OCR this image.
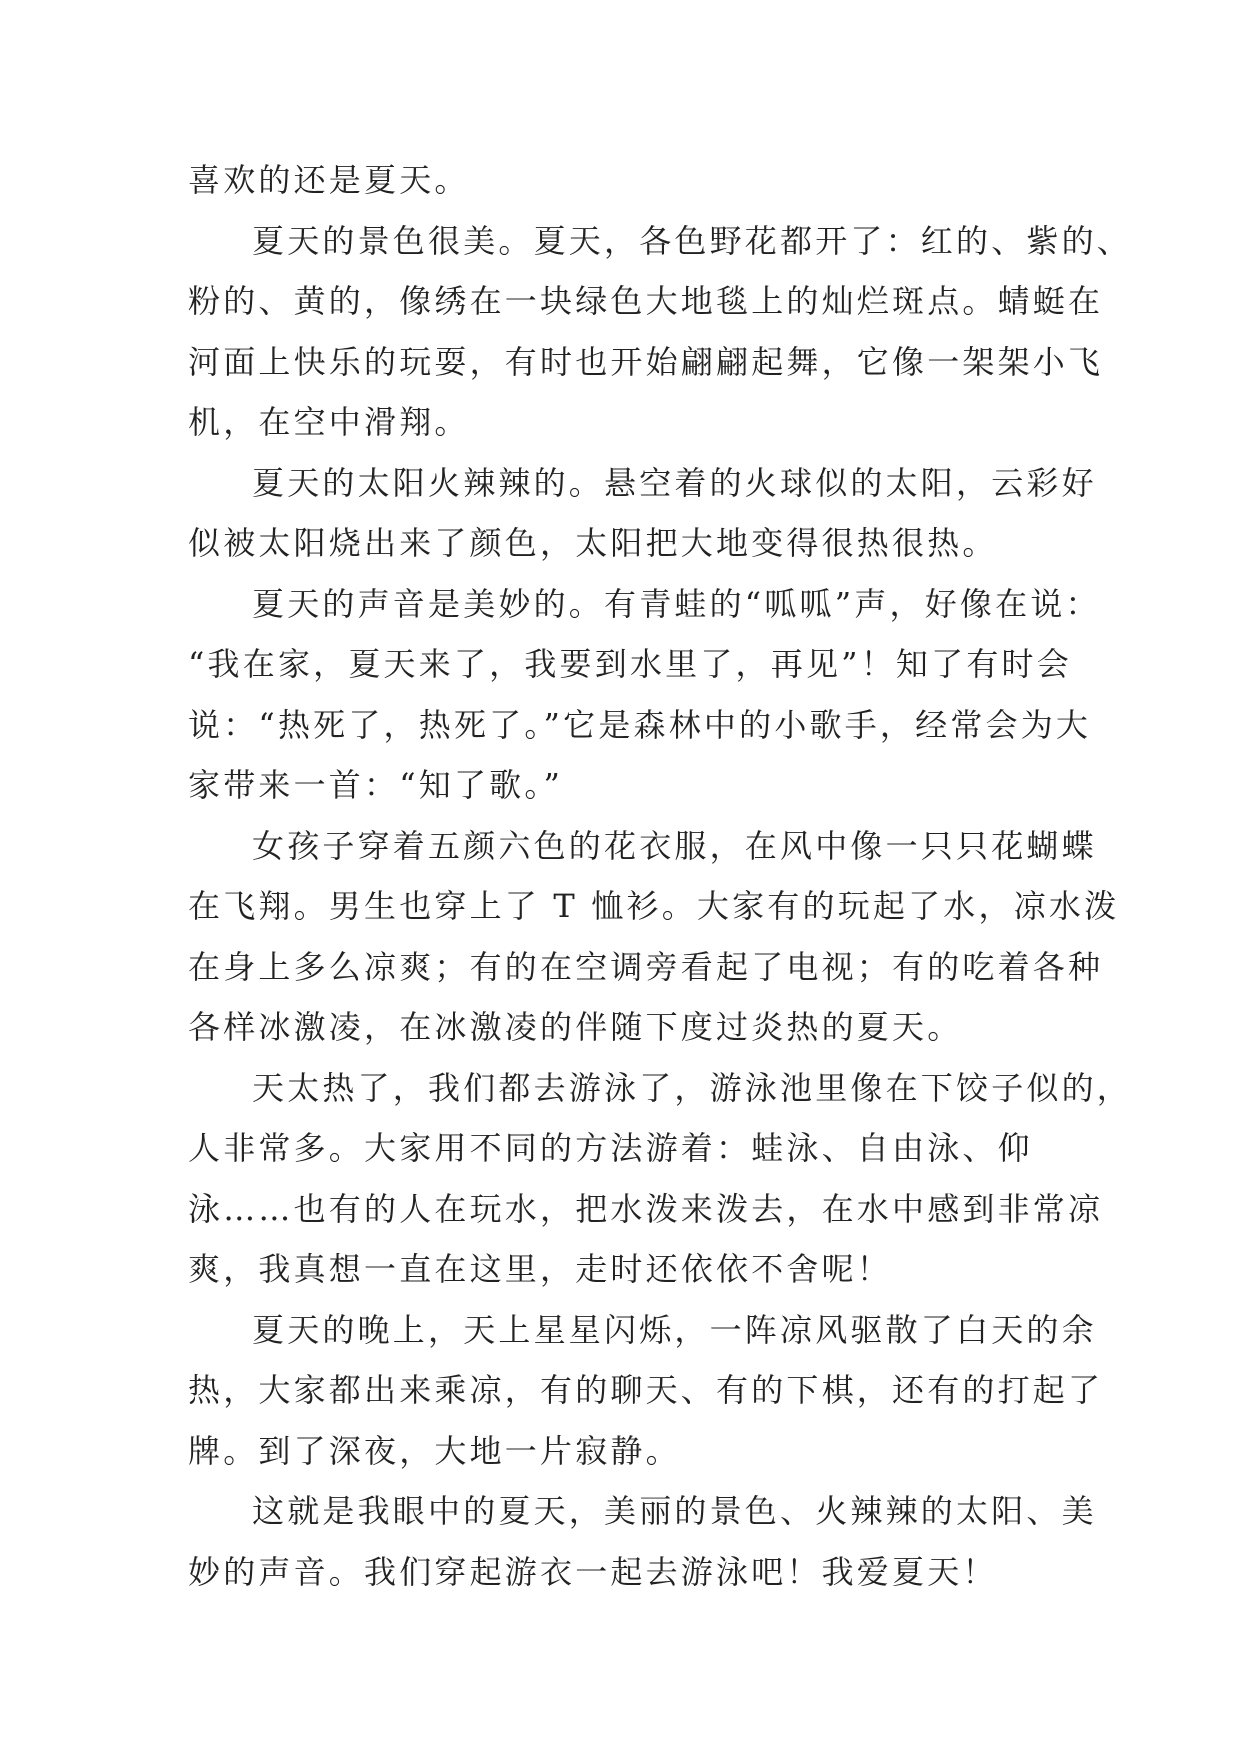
喜欢的还是夏天。
夏天的景色很美。夏天，各色野花都开了：红的、紫的、
粉的、黄的，像绣在一块绿色大地毯上的灿烂斑点。蜻蜓在
河面上快乐的玩耍，有时也开始翩翩起舞，它像一架架小飞
机，在空中滑翔。
夏天的太阳火辣辣的。悬空着的火球似的太阳，云彩好
似被太阳烧出来了颜色，太阳把大地变得很热很热。
夏天的声音是美妙的。有青蛙的“呱呱”声，好像在说：
“我在家，夏天来了，我要到水里了，再见”！知了有时会
说：“热死了，热死了。”它是森林中的小歌手，经常会为大
家带来一首：“知了歌。”
女孩子穿着五颜六色的花衣服，在风中像一只只花蝴蝶
在飞翔。男生也穿上了 T 恤衫。大家有的玩起了水，凉水泼
在身上多么凉爽；有的在空调旁看起了电视；有的吃着各种
各样冰激凌，在冰激凌的伴随下度过炎热的夏天。
天太热了，我们都去游泳了，游泳池里像在下饺子似的，
人非常多。大家用不同的方法游着：蛙泳、自由泳、仰
泳……也有的人在玩水，把水泼来泼去，在水中感到非常凉
爽，我真想一直在这里，走时还依依不舍呢！
夏天的晚上，天上星星闪烁，一阵凉风驱散了白天的余
热，大家都出来乘凉，有的聊天、有的下棋，还有的打起了
牌。到了深夜，大地一片寂静。
这就是我眼中的夏天，美丽的景色、火辣辣的太阳、美
妙的声音。我们穿起游衣一起去游泳吧！我爱夏天！
